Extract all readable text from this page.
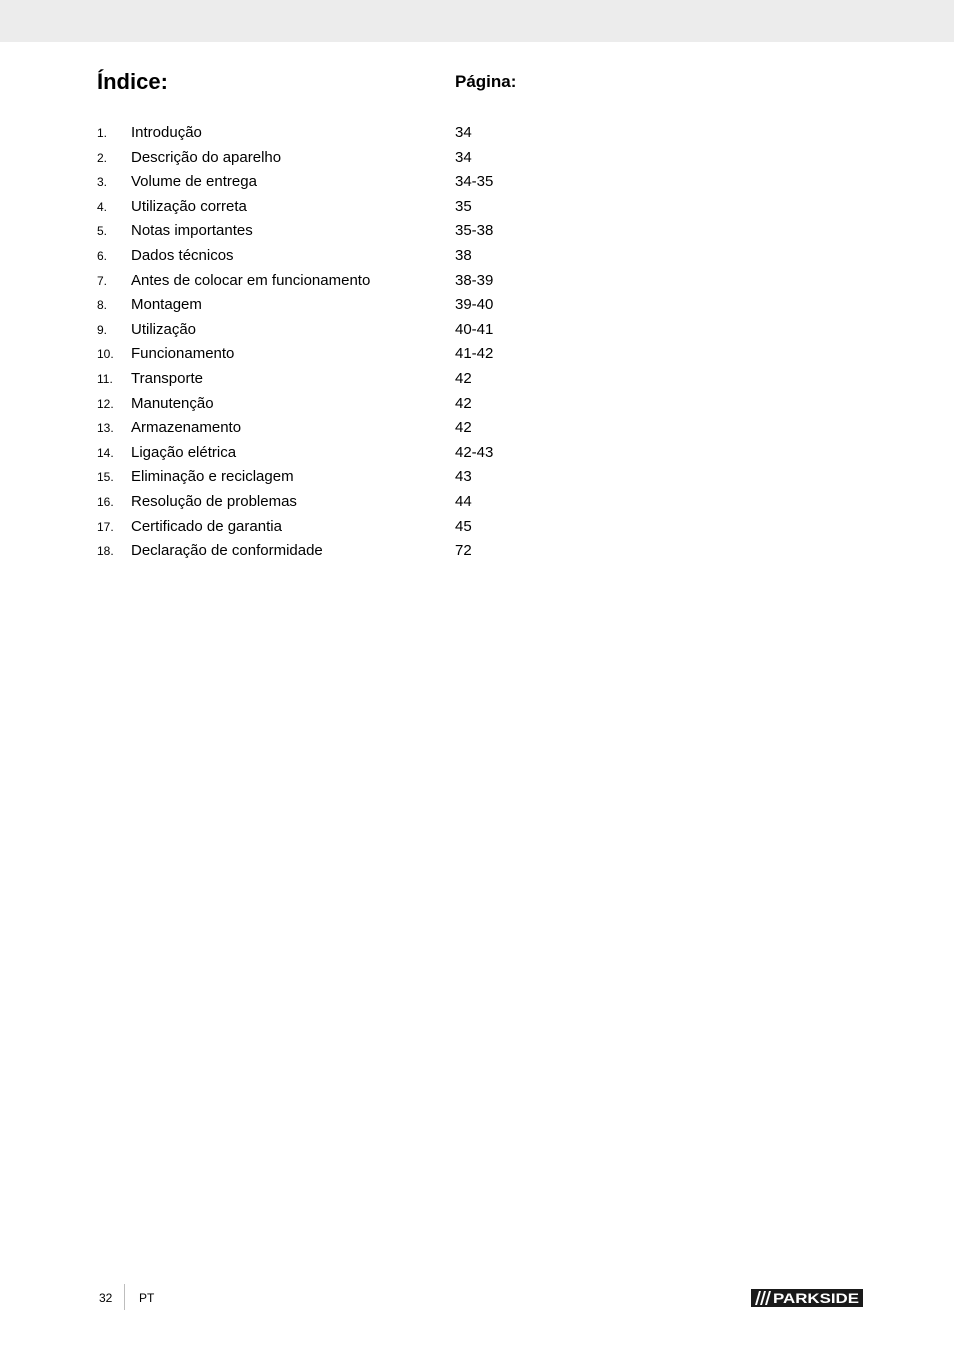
Índice:	Página:
1. Introdução	34
2. Descrição do aparelho	34
3. Volume de entrega	34-35
4. Utilização correta	35
5. Notas importantes	35-38
6. Dados técnicos	38
7. Antes de colocar em funcionamento	38-39
8. Montagem	39-40
9. Utilização	40-41
10. Funcionamento	41-42
11. Transporte	42
12. Manutenção	42
13. Armazenamento	42
14. Ligação elétrica	42-43
15. Eliminação e reciclagem	43
16. Resolução de problemas	44
17. Certificado de garantia	45
18. Declaração de conformidade	72
32 PT	PARKSIDE
